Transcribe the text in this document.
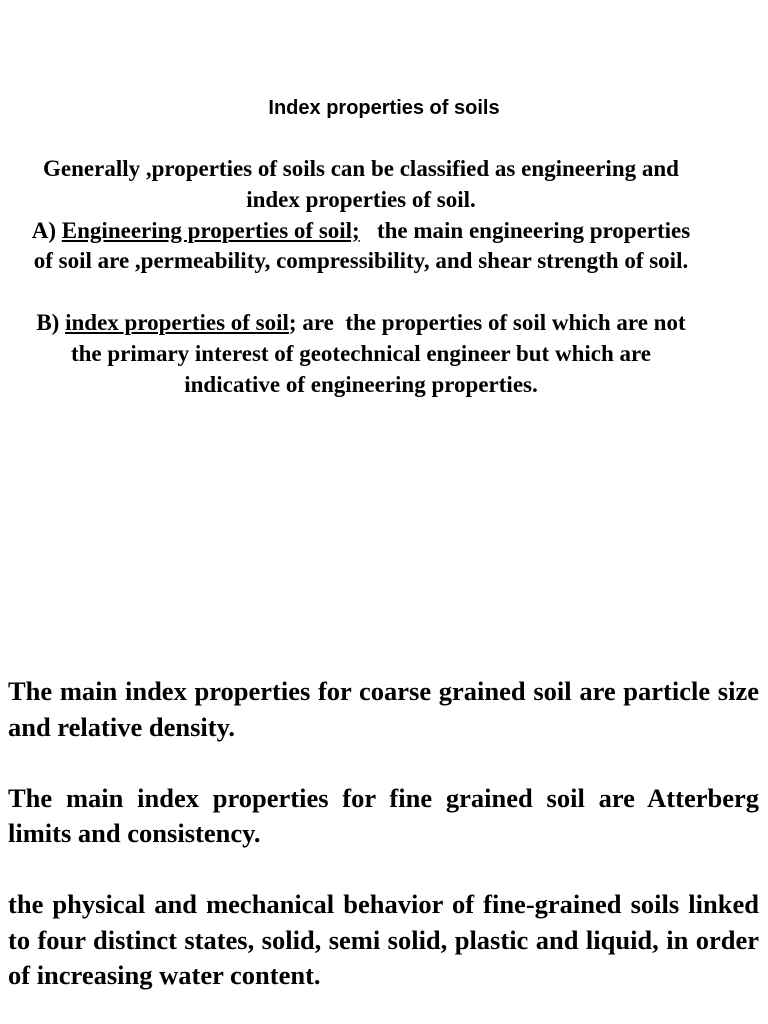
Index properties of soils

Generally ,properties of soils can be classified as engineering and index properties of soil.

A) Engineering properties of soil;   the main engineering properties of soil are ,permeability, compressibility, and shear strength of soil.

B) index properties of soil; are  the properties of soil which are not the primary interest of geotechnical engineer but which are indicative of engineering properties.

The main index properties for coarse grained soil are particle size and relative density.

The main index properties for fine grained soil are Atterberg limits and consistency.

the physical and mechanical behavior of fine-grained soils linked to four distinct states, solid, semi solid, plastic and liquid, in order of increasing water content.
